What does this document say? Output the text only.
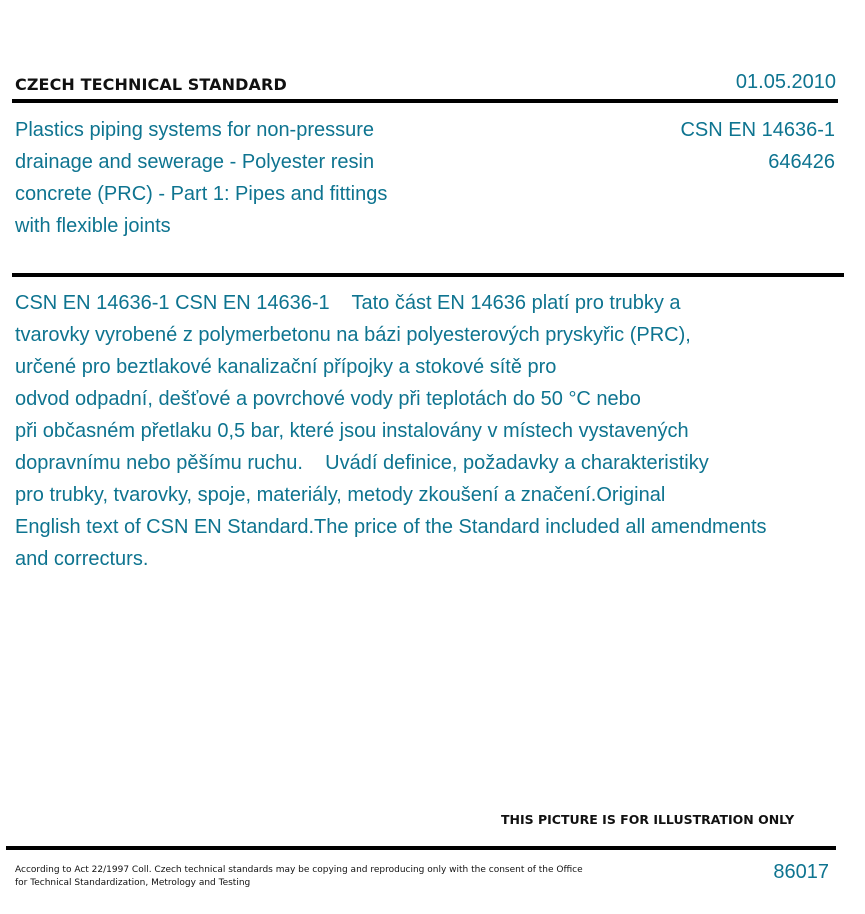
CZECH TECHNICAL STANDARD	01.05.2010
Plastics piping systems for non-pressure
drainage and sewerage - Polyester resin
concrete (PRC) - Part 1: Pipes and fittings
with flexible joints
CSN EN 14636-1
646426
CSN EN 14636-1 CSN EN 14636-1    Tato část EN 14636 platí pro trubky a
tvarovky vyrobené z polymerbetonu na bázi polyesterových pryskyřic (PRC),
určené pro beztlakové kanalizační přípojky a stokové sítě pro
odvod odpadní, dešťové a povrchové vody při teplotách do 50 °C nebo
při občasném přetlaku 0,5 bar, které jsou instalovány v místech vystavených
dopravnímu nebo pěšímu ruchu.    Uvádí definice, požadavky a charakteristiky
pro trubky, tvarovky, spoje, materiály, metody zkoušení a značení.Original
English text of CSN EN Standard.The price of the Standard included all amendments
and correcturs.
THIS PICTURE IS FOR ILLUSTRATION ONLY
According to Act 22/1997 Coll. Czech technical standards may be copying and reproducing only with the consent of the Office
for Technical Standardization, Metrology and Testing	86017
